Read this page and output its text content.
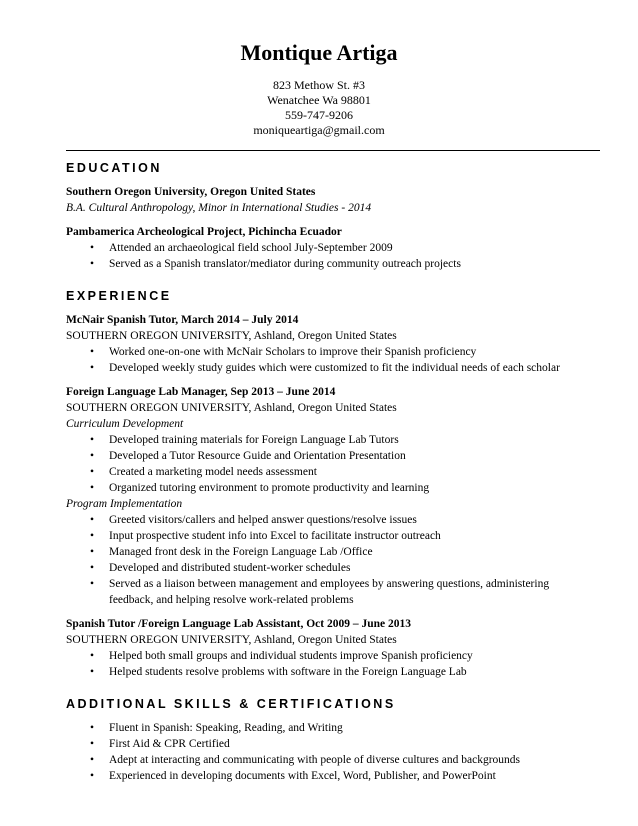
Montique Artiga
823 Methow St. #3
Wenatchee Wa 98801
559-747-9206
moniqueartiga@gmail.com
EDUCATION
Southern Oregon University, Oregon United States
B.A. Cultural Anthropology, Minor in International Studies - 2014
Pambamerica Archeological Project, Pichincha Ecuador
• Attended an archaeological field school July-September 2009
• Served as a Spanish translator/mediator during community outreach projects
EXPERIENCE
McNair Spanish Tutor, March 2014 – July 2014
SOUTHERN OREGON UNIVERSITY, Ashland, Oregon United States
• Worked one-on-one with McNair Scholars to improve their Spanish proficiency
• Developed weekly study guides which were customized to fit the individual needs of each scholar
Foreign Language Lab Manager, Sep 2013 – June 2014
SOUTHERN OREGON UNIVERSITY, Ashland, Oregon United States
Curriculum Development
• Developed training materials for Foreign Language Lab Tutors
• Developed a Tutor Resource Guide and Orientation Presentation
• Created a marketing model needs assessment
• Organized tutoring environment to promote productivity and learning
Program Implementation
• Greeted visitors/callers and helped answer questions/resolve issues
• Input prospective student info into Excel to facilitate instructor outreach
• Managed front desk in the Foreign Language Lab /Office
• Developed and distributed student-worker schedules
• Served as a liaison between management and employees by answering questions, administering
feedback, and helping resolve work-related problems
Spanish Tutor /Foreign Language Lab Assistant, Oct 2009 – June 2013
SOUTHERN OREGON UNIVERSITY, Ashland, Oregon United States
• Helped both small groups and individual students improve Spanish proficiency
• Helped students resolve problems with software in the Foreign Language Lab
ADDITIONAL SKILLS & CERTIFICATIONS
• Fluent in Spanish: Speaking, Reading, and Writing
• First Aid & CPR Certified
• Adept at interacting and communicating with people of diverse cultures and backgrounds
• Experienced in developing documents with Excel, Word, Publisher, and PowerPoint
